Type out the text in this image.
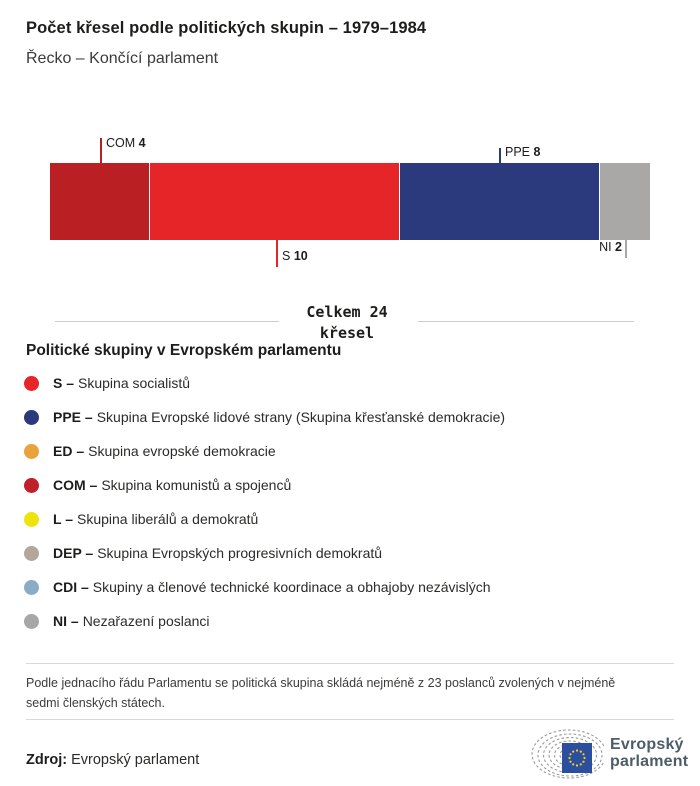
Počet křesel podle politických skupin – 1979–1984
Řecko – Končící parlament
COM 4
S 10
PPE 8
NI 2
Celkem 24
křesel
Politické skupiny v Evropském parlamentu
S – Skupina socialistů
PPE – Skupina Evropské lidové strany (Skupina křesťanské demokracie)
ED – Skupina evropské demokracie
COM – Skupina komunistů a spojenců
L – Skupina liberálů a demokratů
DEP – Skupina Evropských progresivních demokratů
CDI – Skupiny a členové technické koordinace a obhajoby nezávislých
NI – Nezařazení poslanci
Podle jednacího řádu Parlamentu se politická skupina skládá nejméně z 23 poslanců zvolených v nejméně sedmi členských státech.
Zdroj: Evropský parlament
Evropský
parlament
